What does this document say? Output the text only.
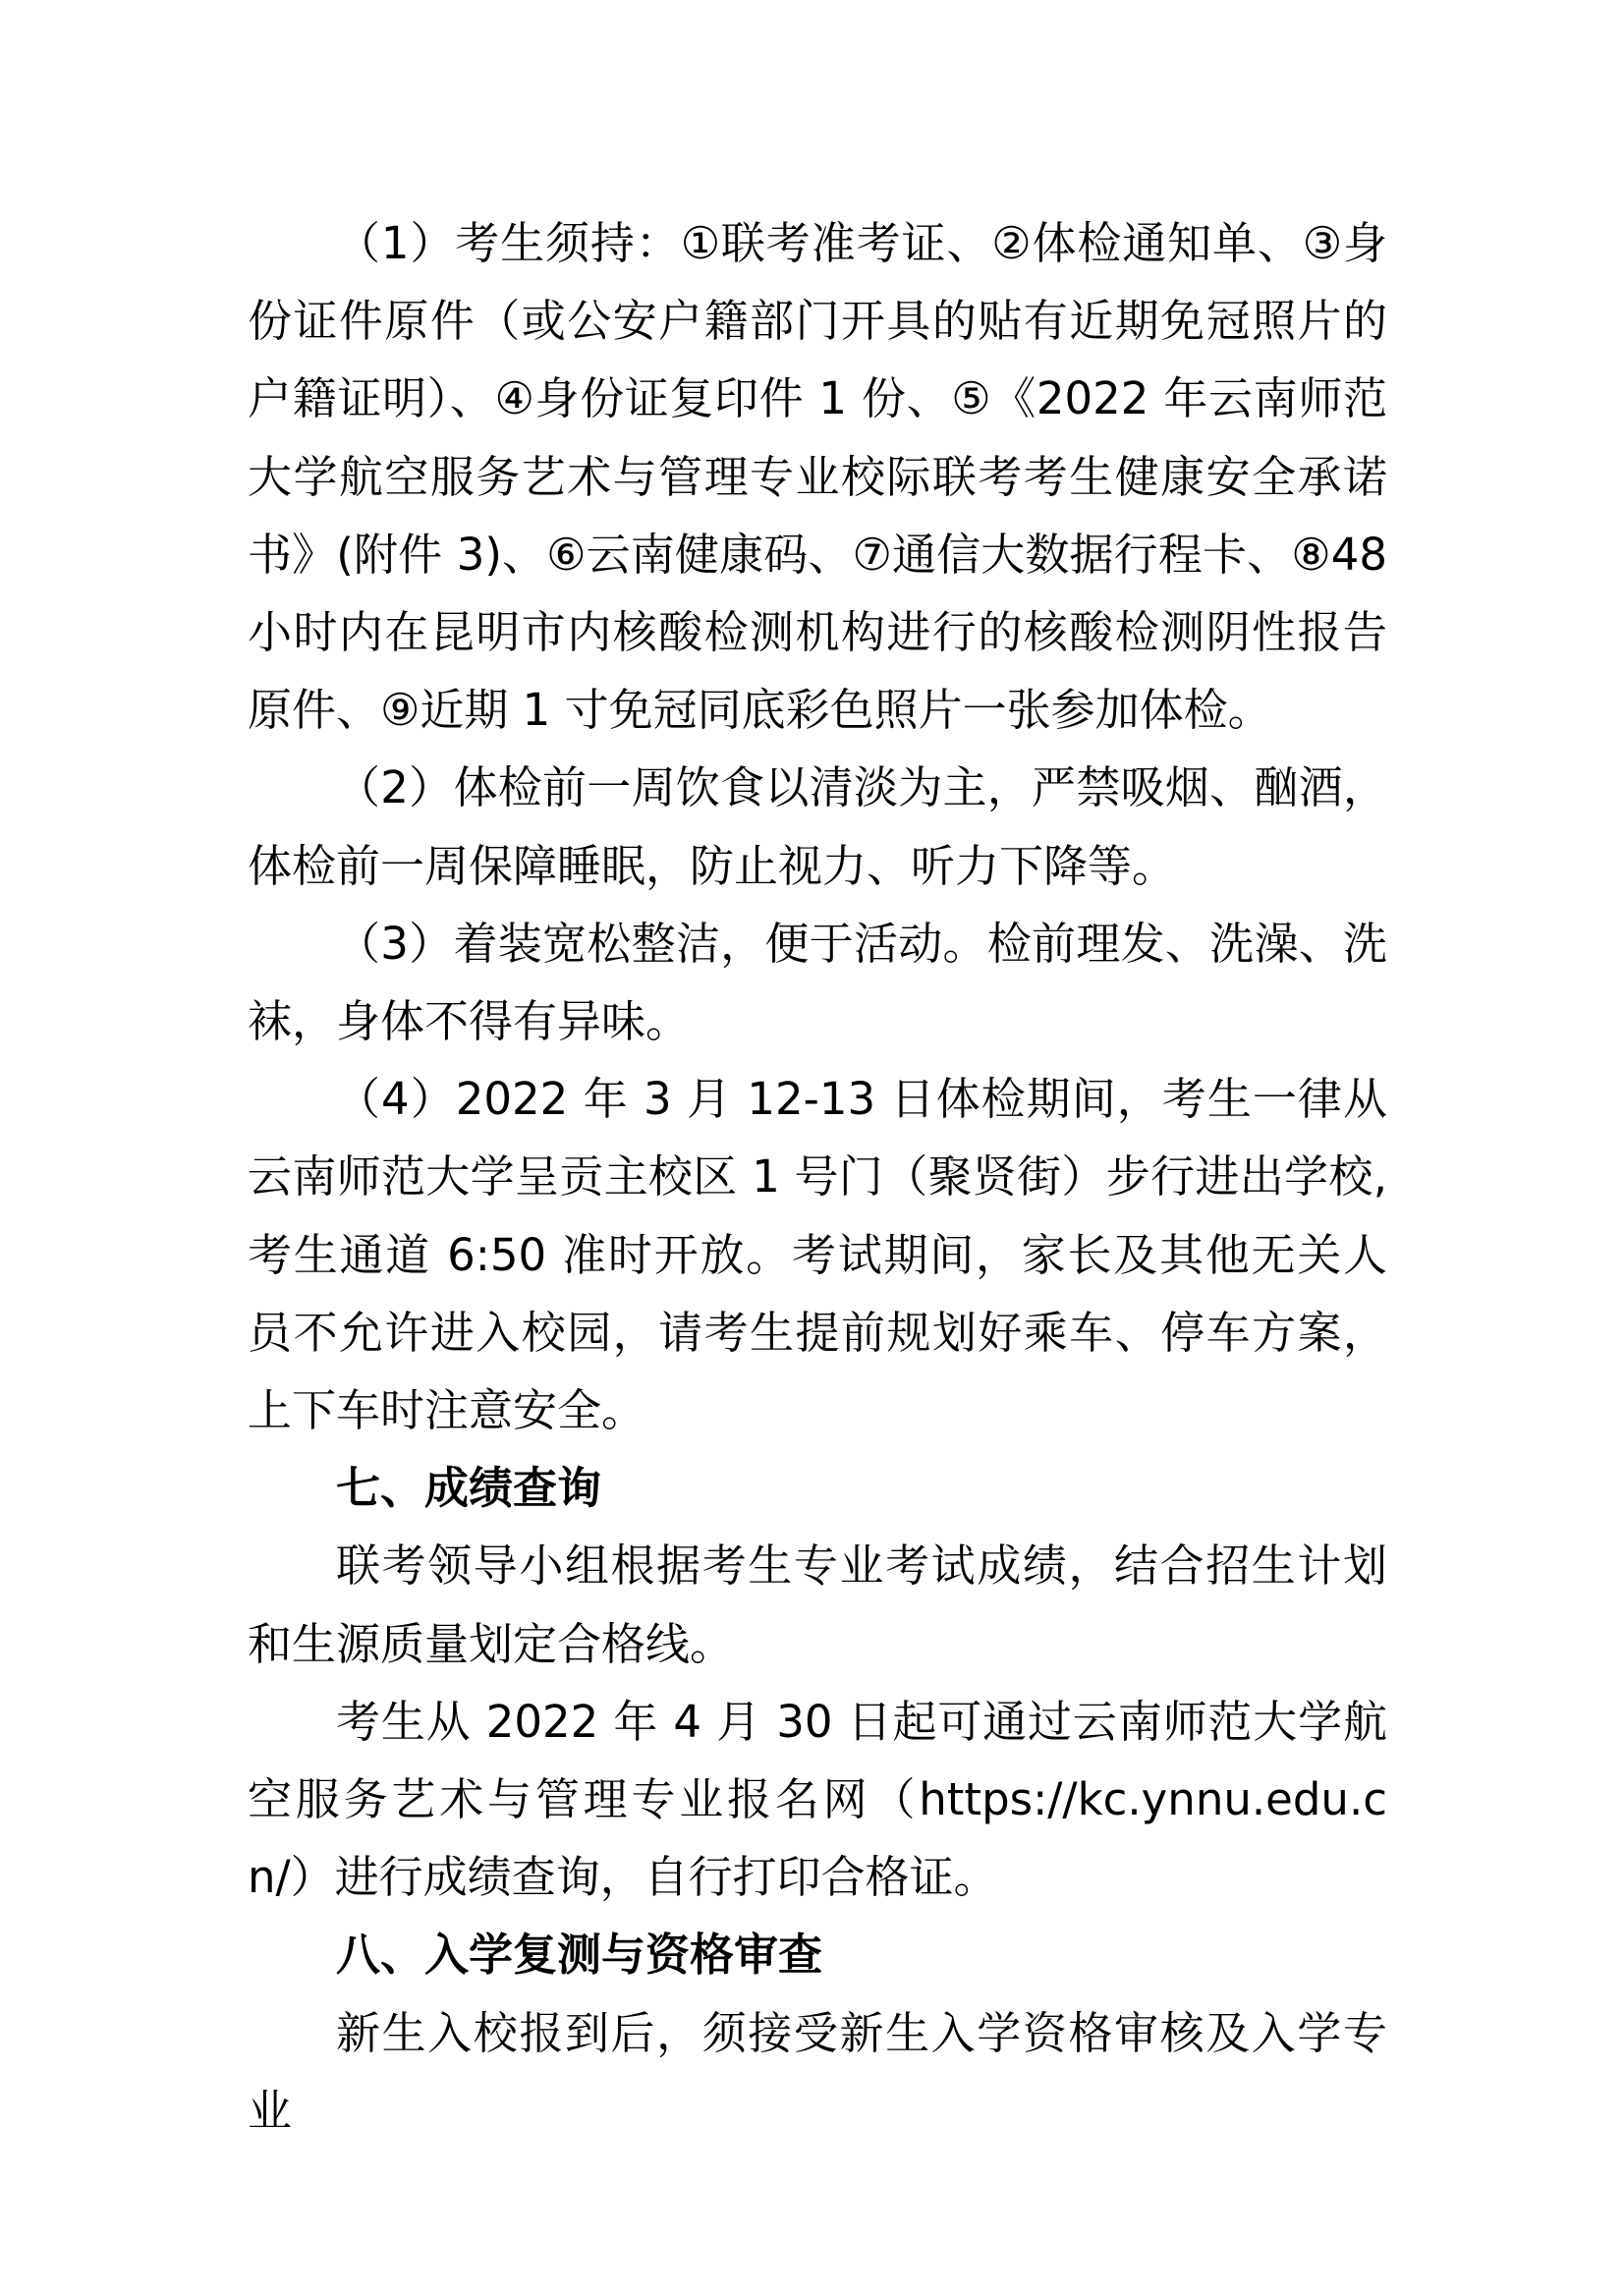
（1）考生须持：①联考准考证、②体检通知单、③身份证件原件（或公安户籍部门开具的贴有近期免冠照片的户籍证明）、④身份证复印件 1 份、⑤《2022 年云南师范大学航空服务艺术与管理专业校际联考考生健康安全承诺书》(附件 3)、⑥云南健康码、⑦通信大数据行程卡、⑧48 小时内在昆明市内核酸检测机构进行的核酸检测阴性报告原件、⑨近期 1 寸免冠同底彩色照片一张参加体检。

（2）体检前一周饮食以清淡为主，严禁吸烟、酗酒，体检前一周保障睡眠，防止视力、听力下降等。

（3）着装宽松整洁，便于活动。检前理发、洗澡、洗袜，身体不得有异味。

（4）2022 年 3 月 12-13 日体检期间，考生一律从云南师范大学呈贡主校区 1 号门（聚贤街）步行进出学校,考生通道 6:50 准时开放。考试期间，家长及其他无关人员不允许进入校园，请考生提前规划好乘车、停车方案，上下车时注意安全。

七、成绩查询

联考领导小组根据考生专业考试成绩，结合招生计划和生源质量划定合格线。

考生从 2022 年 4 月 30 日起可通过云南师范大学航空服务艺术与管理专业报名网（https://kc.ynnu.edu.cn/）进行成绩查询，自行打印合格证。

八、入学复测与资格审查

新生入校报到后，须接受新生入学资格审核及入学专业
